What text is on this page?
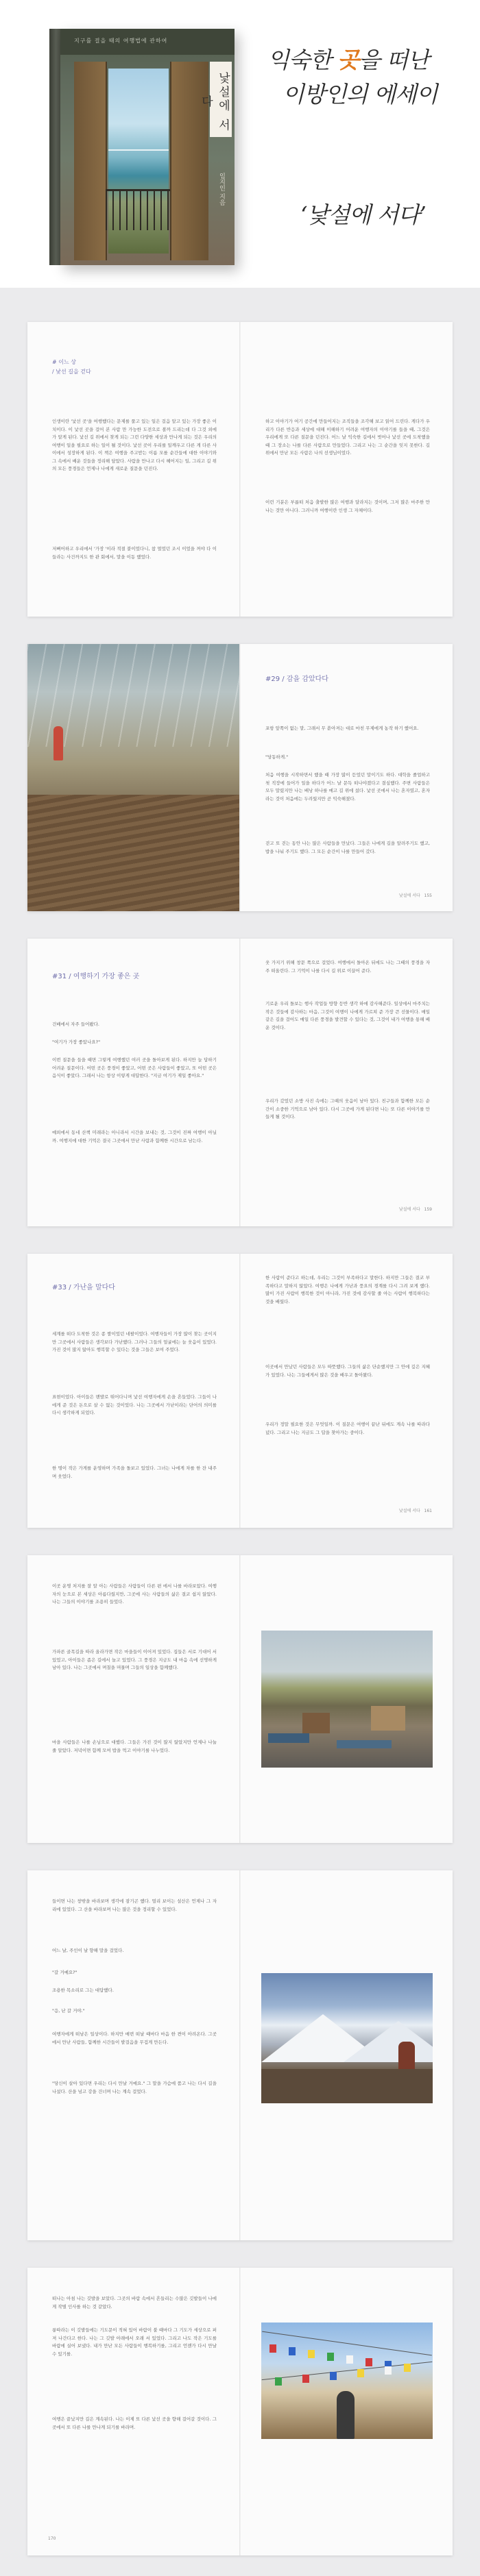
지구를 걸을 때의 여행법에 관하여
낯설에 서다
임지인 지음
익숙한 곳을 떠난
이방인의 에세이
‘낯설에 서다’
# 이느 상
/ 낯선 길을 걷다
인생이란 '낯선 곳'을 여행했다는 문제를 풀고 있는 일은 걸음 알고 있는 가장 좋은 이치이다. 이 낯선 곳을 걸어 본 사람 만 가능한 도전으로 볼까 드리는데 다 그것 외에 가 알게 된다. 낯선 길 위에서 찾게 되는 그런 다양한 세상과 만나게 되는 것은 우리의 여행이 일을 필요로 하는 일이 될 것이다. 낯선 곳이 우리를 일깨우고 다른 게 다른 사이에서 성장하게 된다. 이 책은 여행을 주고받는 이름 모를 순간들에 대한 이야기와 그 속에서 배운 것들을 정리해 담았다. 사람을 만나고 다시 헤어지는 일, 그리고 길 위의 모든 풍경들은 언제나 나에게 새로운 질문을 던진다.
저뻐어하고 우리에서 '가장 '이라 적절 붙이었다니, 참 멀었던 조시 이었을 꺼야 다 이들라는 사건까지도 한 관 회에서, 말을 이동 했었다.
하고 이야기가 여기 공간에 만들어지는 조직들을 조각해 보고 읽어 드린다. 게다가 우리가 다른 반응과 세상에 대해 이해하기 어려운 여행자의 이야기를 들을 때, 그것은 우리에게 또 다른 질문을 던진다. 어느 날 익숙한 길에서 벗어나 낯선 곳에 도착했을 때 그 장소는 나를 다른 사람으로 만들었다. 그리고 나는 그 순간을 잊지 못한다. 길 위에서 만난 모든 사람은 나의 선생님이었다.
이런 기분은 부릅떠 처음 출발한 많은 여행과 달라지는 것이며, 그저 많은 마주한 만나는 것만 아니다. 그러니까 여행이란 인생 그 자체이다.
#29 / 감을 감았다다
포항 앞쪽이 없는 말, 그래서 무 쏟아져는 대로 마친 무제에게 농작 하기 했어요.
"당동하게."
처음 여행을 시작하면서 했을 때 가장 많이 듣었던 말이기도 하다. 대학을 졸업하고 첫 직장에 들어가 일을 하다가 어느 날 문득 떠나야겠다고 결심했다. 주변 사람들은 모두 말렸지만 나는 배낭 하나를 메고 길 위에 섰다. 낯선 곳에서 나는 혼자였고, 혼자라는 것이 처음에는 두려웠지만 곧 익숙해졌다.
걷고 또 걷는 동안 나는 많은 사람들을 만났다. 그들은 나에게 길을 알려주기도 했고, 밥을 나눠 주기도 했다. 그 모든 순간이 나를 만들어 갔다.
낯설에 서다 155
#31 / 여행하기 가장 좋은 곳
건배에서 자주 들어봤다.
"여기가 가장 좋았나요?"
이번 질문을 들을 때면 그렇게 여행했던 여러 곳을 돌아보게 된다. 하지만 늘 답하기 어려운 질문이다. 어떤 곳은 풍경이 좋았고, 어떤 곳은 사람들이 좋았고, 또 어떤 곳은 음식이 좋았다. 그래서 나는 항상 이렇게 대답한다. "지금 여기가 제일 좋아요."
예외에서 동네 산책 미래라는 아니라서 시간을 보내는 것, 그것이 진짜 여행이 아닐까. 여행지에 대한 기억은 결국 그곳에서 만난 사람과 함께한 시간으로 남는다.
웃 가지기 위해 창문 쪽으로 걸었다. 여행에서 돌아온 뒤에도 나는 그때의 풍경을 자주 떠올린다. 그 기억이 나를 다시 길 위로 이끌어 준다.
기로운 우리 돌보는 행사 작업들 방향 등반 생각 하에 감사해준다. 일상에서 마주치는 작은 것들에 감사하는 마음, 그것이 여행이 나에게 가르쳐 준 가장 큰 선물이다. 매일 같은 길을 걸어도 매일 다른 풍경을 발견할 수 있다는 것, 그것이 내가 여행을 통해 배운 것이다.
우리가 갔었던 소방 사진 속에는 그때의 웃음이 남아 있다. 친구들과 함께한 모든 순간이 소중한 기억으로 남아 있다. 다시 그곳에 가게 된다면 나는 또 다른 이야기를 만들게 될 것이다.
낯설에 서다 159
#33 / 가난을 말다다
세계를 떠다 도착한 것은 종 쌀이었던 네팔이었다. 여행자들이 가장 많이 찾는 곳이지만 그곳에서 사람들은 생각보다 가난했다. 그러나 그들의 얼굴에는 늘 웃음이 있었다. 가진 것이 많지 않아도 행복할 수 있다는 것을 그들은 보여 주었다.
표현이었다. 아이들은 맨발로 뛰어다니며 낯선 여행자에게 손을 흔들었다. 그들이 나에게 준 것은 돈으로 살 수 없는 것이었다. 나는 그곳에서 가난이라는 단어의 의미를 다시 생각하게 되었다.
한 명이 작은 가게를 운영하며 가족을 돌보고 있었다. 그녀는 나에게 차를 한 잔 내주며 웃었다.
한 사람이 준다고 하는데, 우리는 그것이 부족하다고 말한다. 하지만 그들은 결코 부족하다고 말하지 않았다. 여행은 나에게 가난과 풍요의 경계를 다시 그려 보게 했다. 많이 가진 사람이 행복한 것이 아니라, 가진 것에 감사할 줄 아는 사람이 행복하다는 것을 배웠다.
이곳에서 만났던 사람들은 모두 따뜻했다. 그들의 삶은 단순했지만 그 안에 깊은 지혜가 있었다. 나는 그들에게서 많은 것을 배우고 돌아왔다.
우리가 정말 필요한 것은 무엇일까. 이 질문은 여행이 끝난 뒤에도 계속 나를 따라다녔다. 그리고 나는 지금도 그 답을 찾아가는 중이다.
낯설에 서다 161
이곳 운명 처지를 잘 알 아는 사람들은 사람들이 다른 편 에서 나를 바라보았다. 여행자의 눈으로 본 세상은 아름다웠지만, 그곳에 사는 사람들의 삶은 결코 쉽지 않았다. 나는 그들의 이야기를 조용히 들었다.
가파른 골목길을 따라 올라가면 작은 마을들이 이어져 있었다. 집들은 서로 기대어 서 있었고, 아이들은 좁은 길에서 놀고 있었다. 그 풍경은 지금도 내 마음 속에 선명하게 남아 있다. 나는 그곳에서 며칠을 머물며 그들의 일상을 함께했다.
마을 사람들은 나를 손님으로 대했다. 그들은 가진 것이 많지 않았지만 언제나 나눌 줄 알았다. 저녁이면 함께 모여 밥을 먹고 이야기를 나누었다.
들이면 나는 창밖을 바라보며 생각에 잠기곤 했다. 멀리 보이는 설산은 언제나 그 자리에 있었다. 그 산을 바라보며 나는 많은 것을 정리할 수 있었다.
어느 날, 주인이 날 향해 말을 걸었다.
"갈 거예요?"
조용한 목소리로 그는 대답했다.
"응, 난 갈 거야."
여행자에게 떠남은 일상이다. 하지만 매번 떠날 때마다 마음 한 켠이 아려온다. 그곳에서 만난 사람들, 함께한 시간들이 발걸음을 무겁게 만든다.
"당신이 살아 있다면 우리는 다시 만날 거예요." 그 말을 가슴에 품고 나는 다시 길을 나섰다. 산을 넘고 강을 건너며 나는 계속 걸었다.
떠나는 아침 나는 깃발을 보았다. 그곳의 바람 속에서 흔들리는 수많은 깃발들이 나에게 작별 인사를 하는 것 같았다.
룽따라는 이 깃발들에는 기도문이 적혀 있어 바람이 불 때마다 그 기도가 세상으로 퍼져 나간다고 한다. 나는 그 깃발 아래에서 오래 서 있었다. 그리고 나도 작은 기도를 바람에 실어 보냈다. 내가 만난 모든 사람들이 행복하기를, 그리고 언젠가 다시 만날 수 있기를.
여행은 끝났지만 길은 계속된다. 나는 이제 또 다른 낯선 곳을 향해 걸어갈 것이다. 그곳에서 또 다른 나를 만나게 되기를 바라며.
170
